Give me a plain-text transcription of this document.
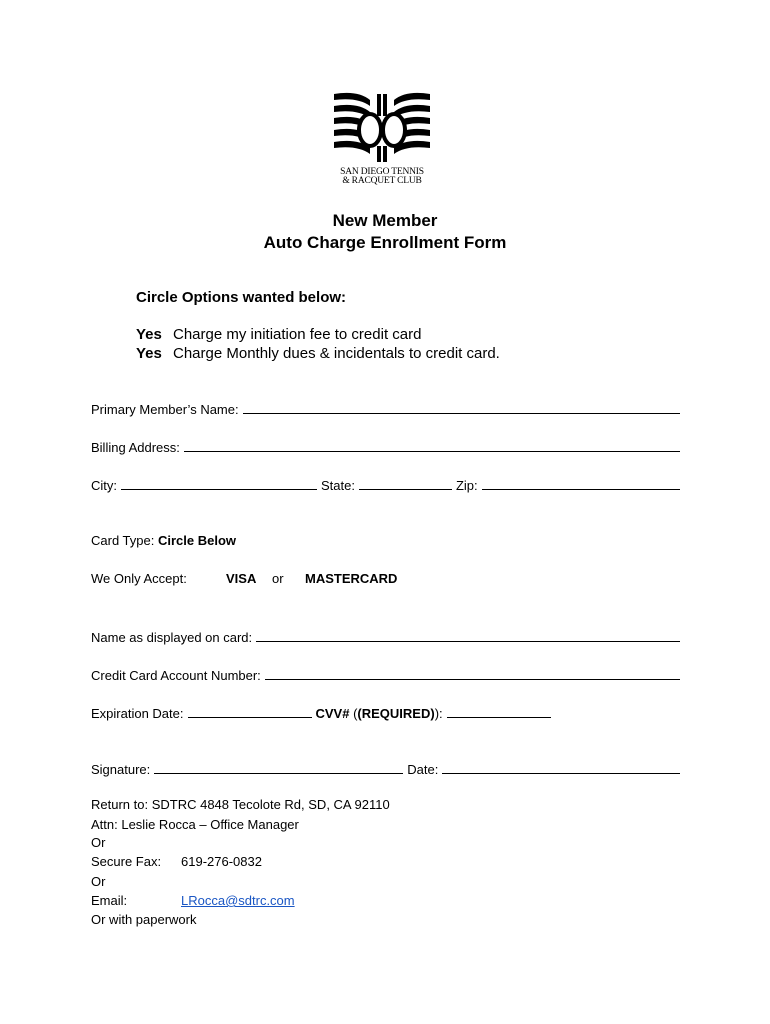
SAN DIEGO TENNIS
& RACQUET CLUB
New Member
Auto Charge Enrollment Form
Circle Options wanted below:
Yes Charge my initiation fee to credit card
Yes Charge Monthly dues & incidentals to credit card.
Primary Member’s Name:
Billing Address:
City:	State:	Zip:
Card Type: Circle Below
We Only Accept:	VISA or MASTERCARD
Name as displayed on card:
Credit Card Account Number:
Expiration Date:	CVV# ( (REQUIRED) ):
Signature:	Date:
Return to: SDTRC 4848 Tecolote Rd, SD, CA 92110
Attn: Leslie Rocca – Office Manager
Or
Secure Fax: 619-276-0832
Or
Email:	LRocca@sdtrc.com
Or with paperwork
